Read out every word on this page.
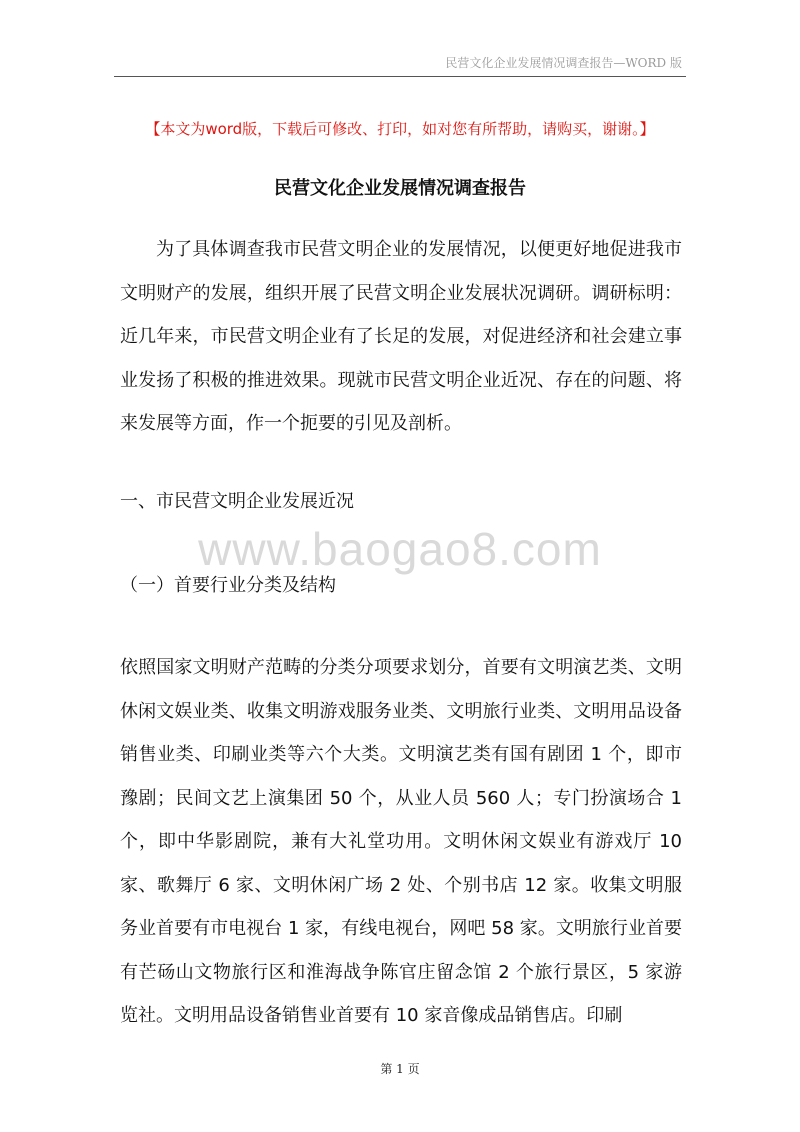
民营文化企业发展情况调查报告—WORD 版
【本文为word版，下载后可修改、打印，如对您有所帮助，请购买，谢谢。】
民营文化企业发展情况调查报告

为了具体调查我市民营文明企业的发展情况，以便更好地促进我市文明财产的发展，组织开展了民营文明企业发展状况调研。调研标明：近几年来，市民营文明企业有了长足的发展，对促进经济和社会建立事业发扬了积极的推进效果。现就市民营文明企业近况、存在的问题、将来发展等方面，作一个扼要的引见及剖析。

一、市民营文明企业发展近况
www.baogao8.com
（一）首要行业分类及结构

依照国家文明财产范畴的分类分项要求划分，首要有文明演艺类、文明休闲文娱业类、收集文明游戏服务业类、文明旅行业类、文明用品设备销售业类、印刷业类等六个大类。文明演艺类有国有剧团 1 个，即市豫剧；民间文艺上演集团 50 个，从业人员 560 人；专门扮演场合 1 个，即中华影剧院，兼有大礼堂功用。文明休闲文娱业有游戏厅 10 家、歌舞厅 6 家、文明休闲广场 2 处、个别书店 12 家。收集文明服务业首要有市电视台 1 家，有线电视台，网吧 58 家。文明旅行业首要有芒砀山文物旅行区和淮海战争陈官庄留念馆 2 个旅行景区，5 家游览社。文明用品设备销售业首要有 10 家音像成品销售店。印刷

第 1 页
